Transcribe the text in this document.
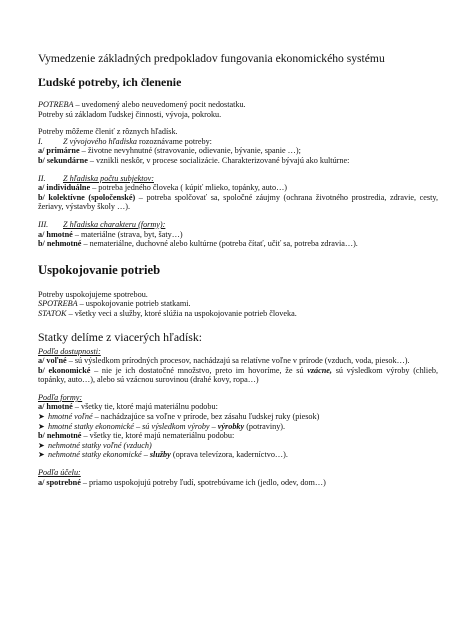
Vymedzenie základných predpokladov fungovania ekonomického systému
Ľudské potreby, ich členenie

POTREBA – uvedomený alebo neuvedomený pocit nedostatku.

Potreby sú základom ľudskej činnosti, vývoja, pokroku.

Potreby môžeme členiť z rôznych hľadísk.

I. Z vývojového hľadiska rozoznávame potreby:

a/ primárne – životne nevyhnutné (stravovanie, odievanie, bývanie, spanie …);

b/ sekundárne – vznikli neskôr, v procese socializácie. Charakterizované bývajú ako kultúrne:

II. Z hľadiska počtu subjektov:

a/ individuálne – potreba jedného človeka ( kúpiť mlieko, topánky, auto…)

b/ kolektívne (spoločenské) – potreba spolčovať sa, spoločné záujmy (ochrana životného prostredia, zdravie, cesty, žeriavy, výstavby školy …).

III. Z hľadiska charakteru (formy):

a/ hmotné – materiálne (strava, byt, šaty…)

b/ nehmotné – nemateriálne, duchovné alebo kultúrne (potreba čítať, učiť sa, potreba zdravia…).

Uspokojovanie potrieb

Potreby uspokojujeme spotrebou.

SPOTREBA – uspokojovanie potrieb statkami.

STATOK – všetky veci a služby, ktoré slúžia na uspokojovanie potrieb človeka.

Statky delíme z viacerých hľadísk:

Podľa dostupnosti:

a/ voľné – sú výsledkom prírodných procesov, nachádzajú sa relatívne voľne v prírode (vzduch, voda, piesok…).

b/ ekonomické – nie je ich dostatočné množstvo, preto im hovoríme, že sú vzácne, sú výsledkom výroby (chlieb, topánky, auto…), alebo sú vzácnou surovinou (drahé kovy, ropa…)

Podľa formy:

a/ hmotné – všetky tie, ktoré majú materiálnu podobu:

➤ hmotné voľné – nachádzajúce sa voľne v prírode, bez zásahu ľudskej ruky (piesok)

➤ hmotné statky ekonomické – sú výsledkom výroby – výrobky (potraviny).

b/ nehmotné – všetky tie, ktoré majú nemateriálnu podobu:

➤ nehmotné statky voľné (vzduch)

➤ nehmotné statky ekonomické – služby (oprava televízora, kaderníctvo…).

Podľa účelu:

a/ spotrebné – priamo uspokojujú potreby ľudí, spotrebúvame ich (jedlo, odev, dom…)
